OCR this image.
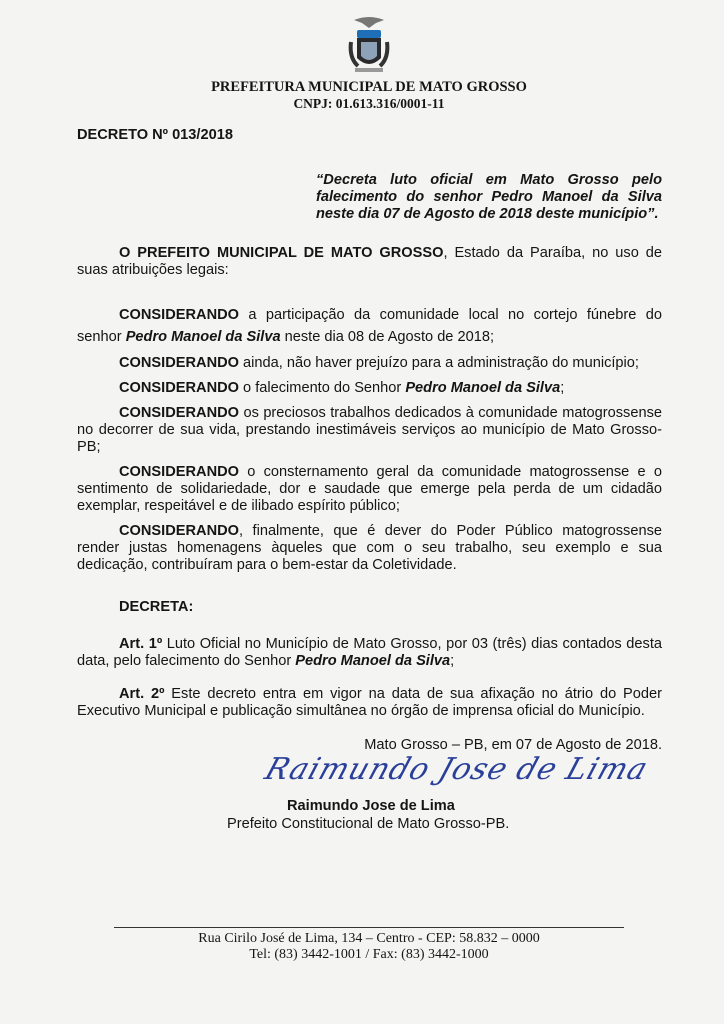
PREFEITURA MUNICIPAL DE MATO GROSSO
CNPJ: 01.613.316/0001-11
DECRETO Nº 013/2018
“Decreta luto oficial em Mato Grosso pelo falecimento do senhor Pedro Manoel da Silva neste dia 07 de Agosto de 2018 deste município”.
O PREFEITO MUNICIPAL DE MATO GROSSO, Estado da Paraíba, no uso de suas atribuições legais:
CONSIDERANDO a participação da comunidade local no cortejo fúnebre do senhor Pedro Manoel da Silva neste dia 08 de Agosto de 2018;
CONSIDERANDO ainda, não haver prejuízo para a administração do município;
CONSIDERANDO o falecimento do Senhor Pedro Manoel da Silva;
CONSIDERANDO os preciosos trabalhos dedicados à comunidade matogrossense no decorrer de sua vida, prestando inestimáveis serviços ao município de Mato Grosso-PB;
CONSIDERANDO o consternamento geral da comunidade matogrossense e o sentimento de solidariedade, dor e saudade que emerge pela perda de um cidadão exemplar, respeitável e de ilibado espírito público;
CONSIDERANDO, finalmente, que é dever do Poder Público matogrossense render justas homenagens àqueles que com o seu trabalho, seu exemplo e sua dedicação, contribuíram para o bem-estar da Coletividade.
DECRETA:
Art. 1º Luto Oficial no Município de Mato Grosso, por 03 (três) dias contados desta data, pelo falecimento do Senhor Pedro Manoel da Silva;
Art. 2º Este decreto entra em vigor na data de sua afixação no átrio do Poder Executivo Municipal e publicação simultânea no órgão de imprensa oficial do Município.
Mato Grosso – PB, em 07 de Agosto de 2018.
Raimundo Jose de Lima
Raimundo Jose de Lima
Prefeito Constitucional de Mato Grosso-PB.
Rua Cirilo José de Lima, 134 – Centro - CEP: 58.832 – 0000
Tel: (83) 3442-1001 / Fax: (83) 3442-1000
